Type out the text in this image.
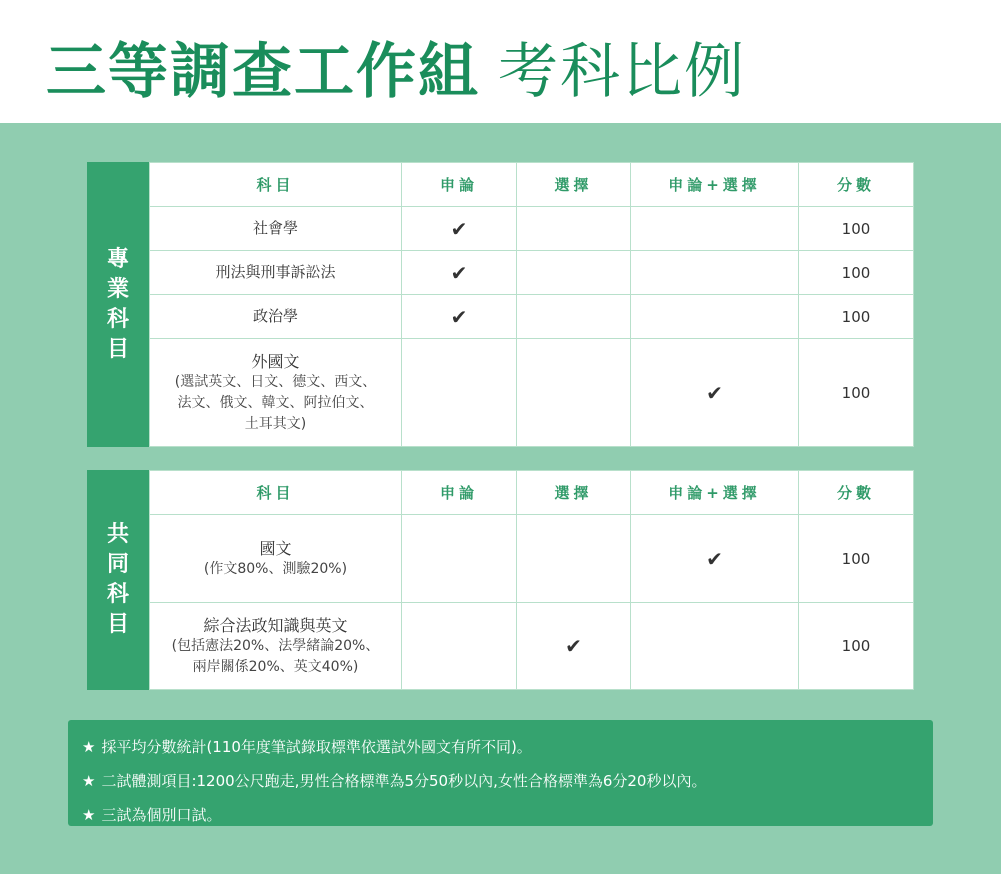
三等調查工作組 考科比例
專
業
科
目
科目	申論	選擇	申論+選擇	分數
社會學	✔			100
刑法與刑事訴訟法	✔			100
政治學	✔			100

外國文
(選試英文、日文、德文、西文、
法文、俄文、韓文、阿拉伯文、
土耳其文)			✔	100
共
同
科
目
科目	申論	選擇	申論+選擇	分數

國文
(作文80%、測驗20%)			✔	100

綜合法政知識與英文
(包括憲法20%、法學緒論20%、
兩岸關係20%、英文40%)		✔		100
★ 採平均分數統計(110年度筆試錄取標準依選試外國文有所不同)。
★ 二試體測項目:1200公尺跑走,男性合格標準為5分50秒以內,女性合格標準為6分20秒以內。
★ 三試為個別口試。
